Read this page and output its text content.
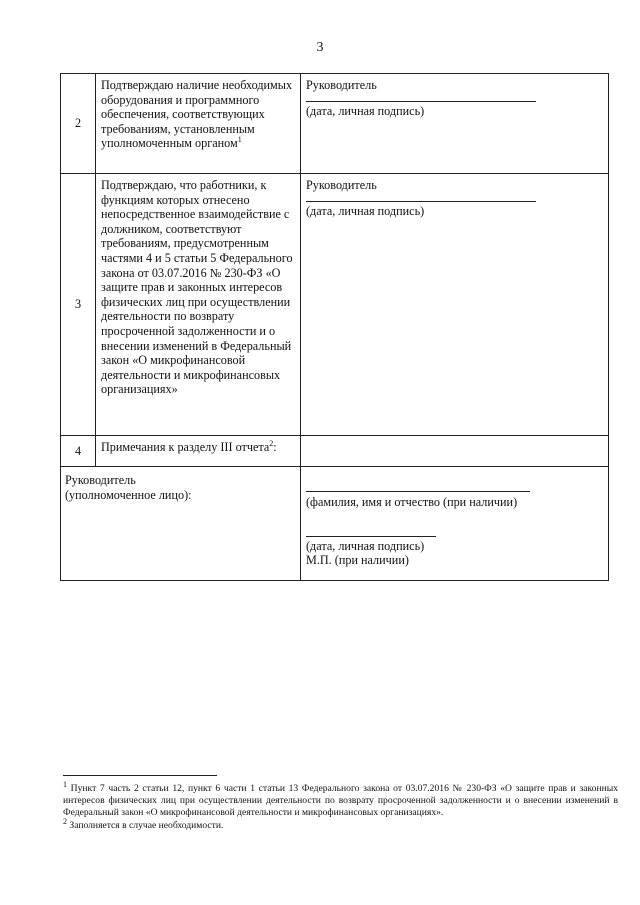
3
2	Подтверждаю наличие необходимых оборудования и программного обеспечения, соответствующих требованиям, установленным уполномоченным органом$^1$	Руководитель
(дата, личная подпись)

3	Подтверждаю, что работники, к функциям которых отнесено непосредственное взаимодействие с должником, соответствуют требованиям, предусмотренным частями 4 и 5 статьи 5 Федерального закона от 03.07.2016 № 230-ФЗ «О защите прав и законных интересов физических лиц при осуществлении деятельности по возврату просроченной задолженности и о внесении изменений в Федеральный закон «О микрофинансовой деятельности и микрофинансовых организациях»	Руководитель
(дата, личная подпись)

4	Примечания к разделу III отчета$^2$:	

Руководитель
(уполномоченное лицо):		(фамилия, имя и отчество (при наличии)
(дата, личная подпись)
М.П. (при наличии)

$^1$ Пункт 7 часть 2 статьи 12, пункт 6 части 1 статьи 13 Федерального закона от 03.07.2016 № 230-ФЗ «О защите прав и законных интересов физических лиц при осуществлении деятельности по возврату просроченной задолженности и о внесении изменений в Федеральный закон «О микрофинансовой деятельности и микрофинансовых организациях».

$^2$ Заполняется в случае необходимости.
